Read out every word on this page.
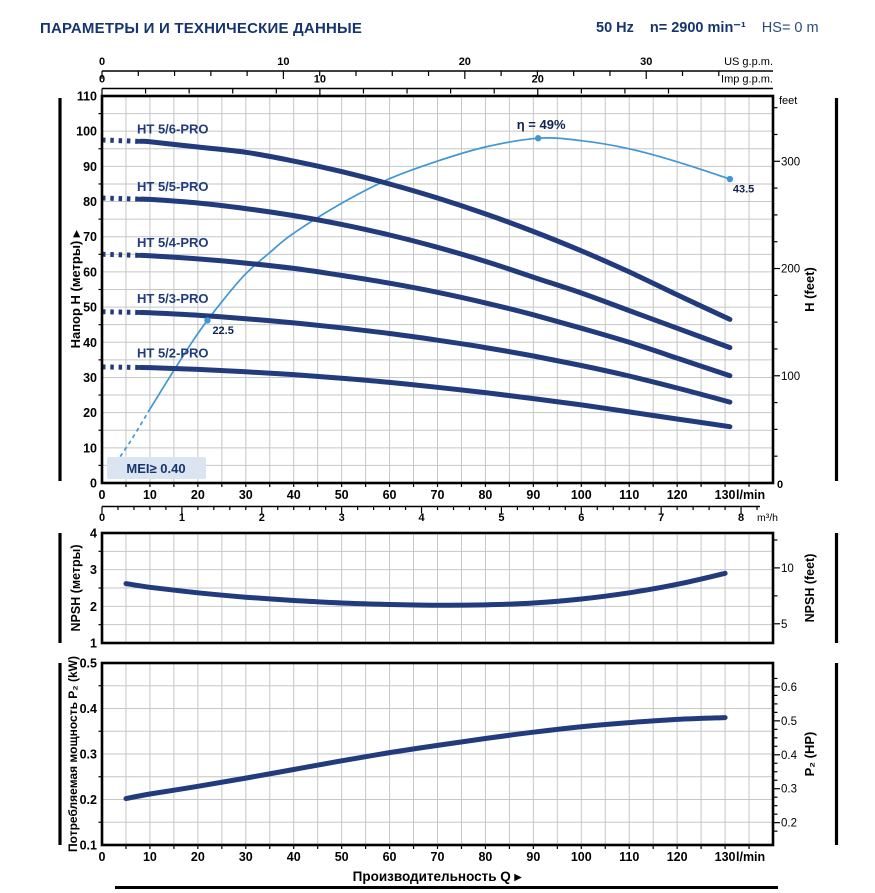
ПАРАМЕТРЫ И И ТЕХНИЧЕСКИЕ ДАННЫЕ	50 Hz n= 2900 min⁻¹ HS= 0 m
HT 5/6-PRO
HT 5/5-PRO
HT 5/4-PRO
HT 5/3-PRO
HT 5/2-PRO
MEI≥ 0.40
22.5
η = 49%
43.5
0
10
20
30
40
50
60
70
80
90
100
110
0	10	20	30	40	50	60	70	80	90 100 110 120 130 l/min
100
200
300
feet
0
0	10	20	30	US g.p.m.
0	10	20	Imp g.p.m.
0	1	2	3	4	5	6	7	8 m³/h
Напор H (метры) ▸	H (feet)
1
2
3
4
5
10
NPSH (метры)	NPSH (feet)
0.1
0.2
0.3
0.4
0.5
0	10	20	30	40	50	60	70	80	90 100 110 120 130 l/min
0.2
0.3
0.4
0.5
0.6
Потребляемая мощность P₂ (kW)	P₂ (HP)
Производительность Q ▸
